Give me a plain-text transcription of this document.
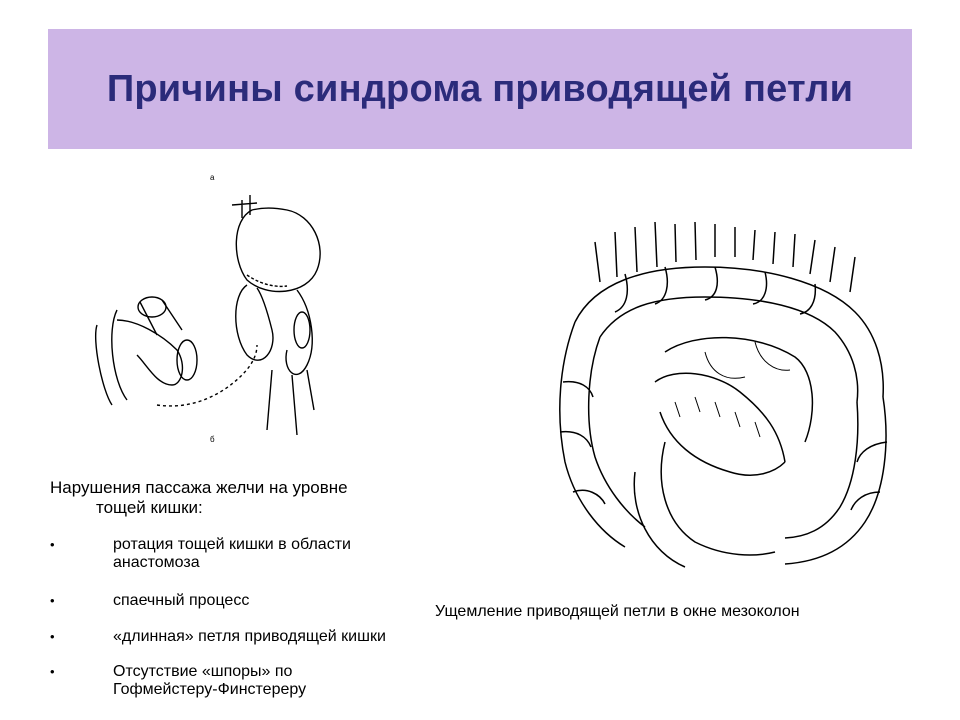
Причины синдрома приводящей петли
а
б
Ущемление приводящей петли в окне мезоколон

Нарушения пассажа желчи на уровне
тощей кишки:

•	ротация тощей кишки в области
анастомоза
•	спаечный процесс
•	«длинная» петля приводящей кишки
•	Отсутствие «шпоры» по
Гофмейстеру-Финстереру
